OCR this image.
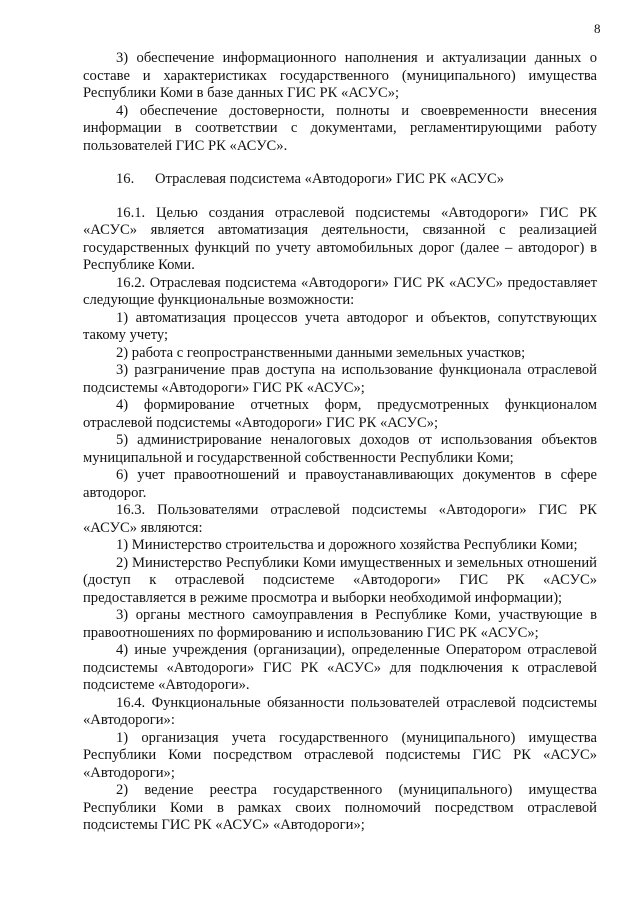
8

3) обеспечение информационного наполнения и актуализации данных о составе и характеристиках государственного (муниципального) имущества Республики Коми в базе данных ГИС РК «АСУС»;

4) обеспечение достоверности, полноты и своевременности внесения информации в соответствии с документами, регламентирующими работу пользователей ГИС РК «АСУС».

16. Отраслевая подсистема «Автодороги» ГИС РК «АСУС»

16.1. Целью создания отраслевой подсистемы «Автодороги» ГИС РК «АСУС» является автоматизация деятельности, связанной с реализацией государственных функций по учету автомобильных дорог (далее – автодорог) в Республике Коми.

16.2. Отраслевая подсистема «Автодороги» ГИС РК «АСУС» предоставляет следующие функциональные возможности:

1) автоматизация процессов учета автодорог и объектов, сопутствующих такому учету;

2) работа с геопространственными данными земельных участков;

3) разграничение прав доступа на использование функционала отраслевой подсистемы «Автодороги» ГИС РК «АСУС»;

4) формирование отчетных форм, предусмотренных функционалом отраслевой подсистемы «Автодороги» ГИС РК «АСУС»;

5) администрирование неналоговых доходов от использования объектов муниципальной и государственной собственности Республики Коми;

6) учет правоотношений и правоустанавливающих документов в сфере автодорог.

16.3. Пользователями отраслевой подсистемы «Автодороги» ГИС РК «АСУС» являются:

1) Министерство строительства и дорожного хозяйства Республики Коми;

2) Министерство Республики Коми имущественных и земельных отношений (доступ к отраслевой подсистеме «Автодороги» ГИС РК «АСУС» предоставляется в режиме просмотра и выборки необходимой информации);

3) органы местного самоуправления в Республике Коми, участвующие в правоотношениях по формированию и использованию ГИС РК «АСУС»;

4) иные учреждения (организации), определенные Оператором отраслевой подсистемы «Автодороги» ГИС РК «АСУС» для подключения к отраслевой подсистеме «Автодороги».

16.4. Функциональные обязанности пользователей отраслевой подсистемы «Автодороги»:

1) организация учета государственного (муниципального) имущества Республики Коми посредством отраслевой подсистемы ГИС РК «АСУС» «Автодороги»;

2) ведение реестра государственного (муниципального) имущества Республики Коми в рамках своих полномочий посредством отраслевой подсистемы ГИС РК «АСУС» «Автодороги»;
